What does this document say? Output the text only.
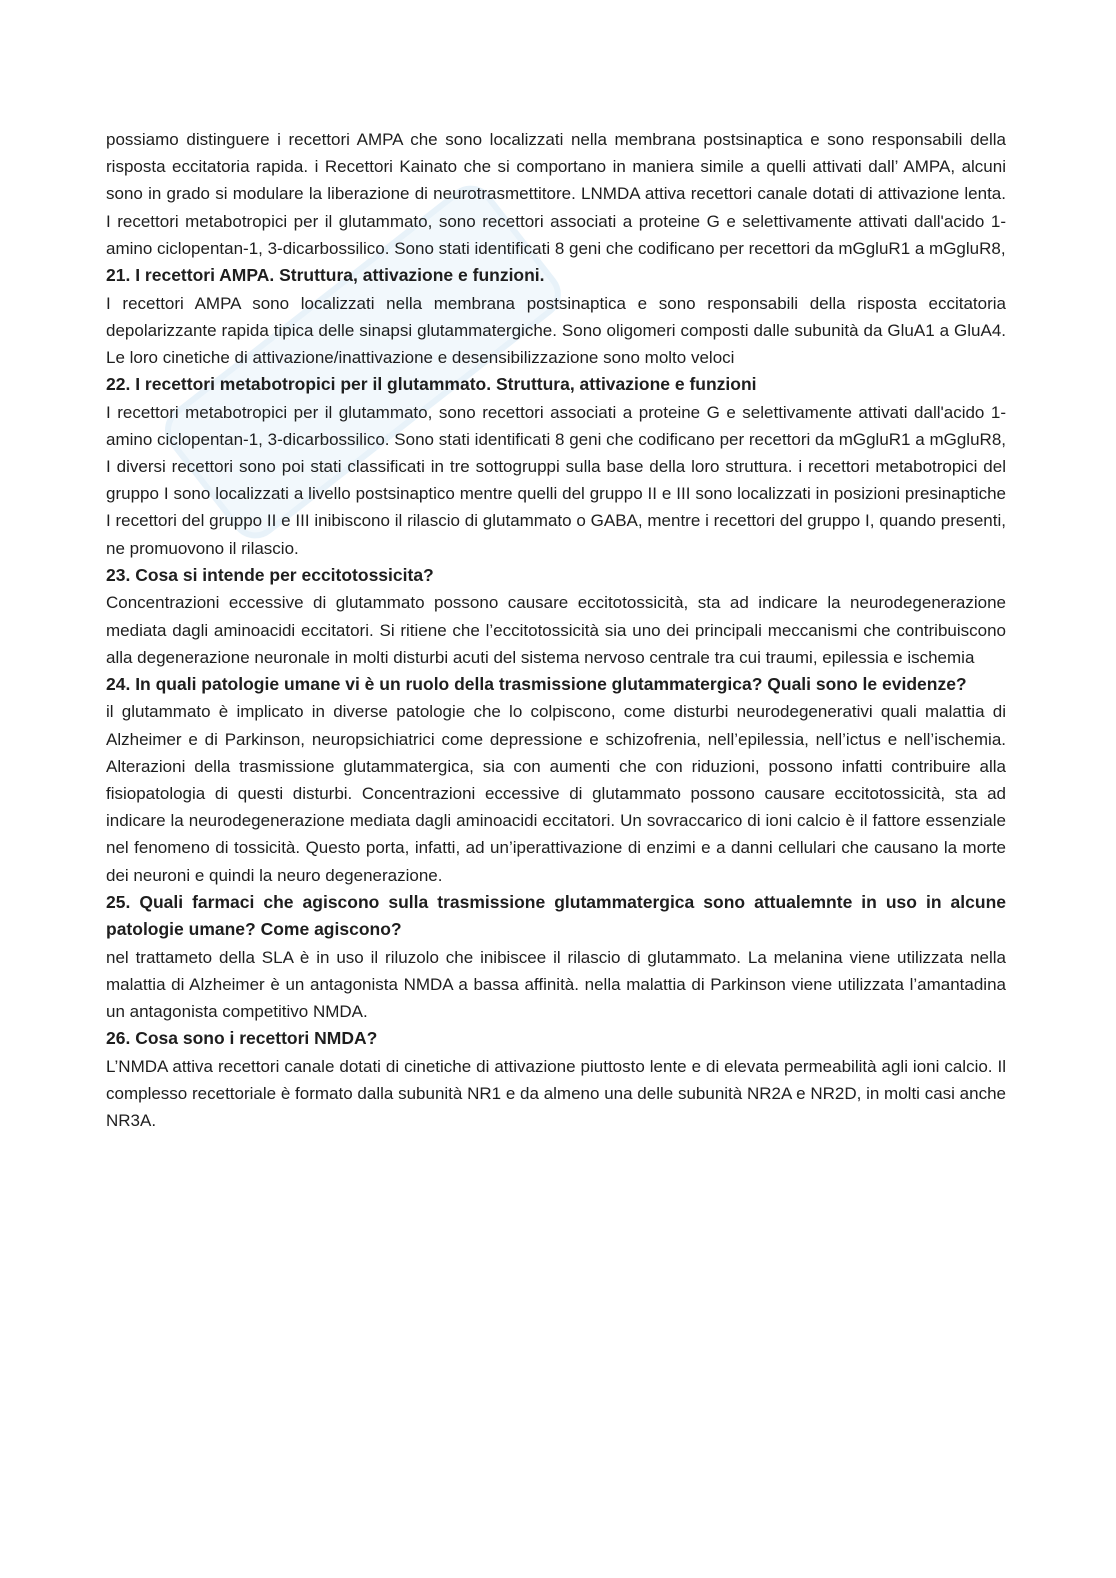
possiamo distinguere i recettori AMPA che sono localizzati nella membrana postsinaptica e sono responsabili della risposta eccitatoria rapida. i Recettori Kainato che si comportano in maniera simile a quelli attivati dall’ AMPA, alcuni sono in grado si modulare la liberazione di neurotrasmettitore. LNMDA attiva recettori canale dotati di attivazione lenta. I recettori metabotropici per il glutammato, sono recettori associati a proteine G e selettivamente attivati dall'acido 1-amino ciclopentan-1, 3-dicarbossilico. Sono stati identificati 8 geni che codificano per recettori da mGgluR1 a mGgluR8,

21. I recettori AMPA. Struttura, attivazione e funzioni.

I recettori AMPA sono localizzati nella membrana postsinaptica e sono responsabili della risposta eccitatoria depolarizzante rapida tipica delle sinapsi glutammatergiche. Sono oligomeri composti dalle subunità da GluA1 a GluA4. Le loro cinetiche di attivazione/inattivazione e desensibilizzazione sono molto veloci

22. I recettori metabotropici per il glutammato. Struttura, attivazione e funzioni

I recettori metabotropici per il glutammato, sono recettori associati a proteine G e selettivamente attivati dall'acido 1-amino ciclopentan-1, 3-dicarbossilico. Sono stati identificati 8 geni che codificano per recettori da mGgluR1 a mGgluR8, I diversi recettori sono poi stati classificati in tre sottogruppi sulla base della loro struttura. i recettori metabotropici del gruppo I sono localizzati a livello postsinaptico mentre quelli del gruppo II e III sono localizzati in posizioni presinaptiche I recettori del gruppo II e III inibiscono il rilascio di glutammato o GABA, mentre i recettori del gruppo I, quando presenti, ne promuovono il rilascio.

23. Cosa si intende per eccitotossicita?

Concentrazioni eccessive di glutammato possono causare eccitotossicità, sta ad indicare la neurodegenerazione mediata dagli aminoacidi eccitatori. Si ritiene che l’eccitotossicità sia uno dei principali meccanismi che contribuiscono alla degenerazione neuronale in molti disturbi acuti del sistema nervoso centrale tra cui traumi, epilessia e ischemia

24. In quali patologie umane vi è un ruolo della trasmissione glutammatergica? Quali sono le evidenze?

il glutammato è implicato in diverse patologie che lo colpiscono, come disturbi neurodegenerativi quali malattia di Alzheimer e di Parkinson, neuropsichiatrici come depressione e schizofrenia, nell’epilessia, nell’ictus e nell’ischemia. Alterazioni della trasmissione glutammatergica, sia con aumenti che con riduzioni, possono infatti contribuire alla fisiopatologia di questi disturbi. Concentrazioni eccessive di glutammato possono causare eccitotossicità, sta ad indicare la neurodegenerazione mediata dagli aminoacidi eccitatori. Un sovraccarico di ioni calcio è il fattore essenziale nel fenomeno di tossicità. Questo porta, infatti, ad un’iperattivazione di enzimi e a danni cellulari che causano la morte dei neuroni e quindi la neuro degenerazione.

25. Quali farmaci che agiscono sulla trasmissione glutammatergica sono attualemnte in uso in alcune patologie umane? Come agiscono?

nel trattameto della SLA è in uso il riluzolo che inibiscee il rilascio di glutammato. La melanina viene utilizzata nella malattia di Alzheimer è un antagonista NMDA a bassa affinità. nella malattia di Parkinson viene utilizzata l’amantadina un antagonista competitivo NMDA.

26. Cosa sono i recettori NMDA?

L’NMDA attiva recettori canale dotati di cinetiche di attivazione piuttosto lente e di elevata permeabilità agli ioni calcio. Il complesso recettoriale è formato dalla subunità NR1 e da almeno una delle subunità NR2A e NR2D, in molti casi anche NR3A.
